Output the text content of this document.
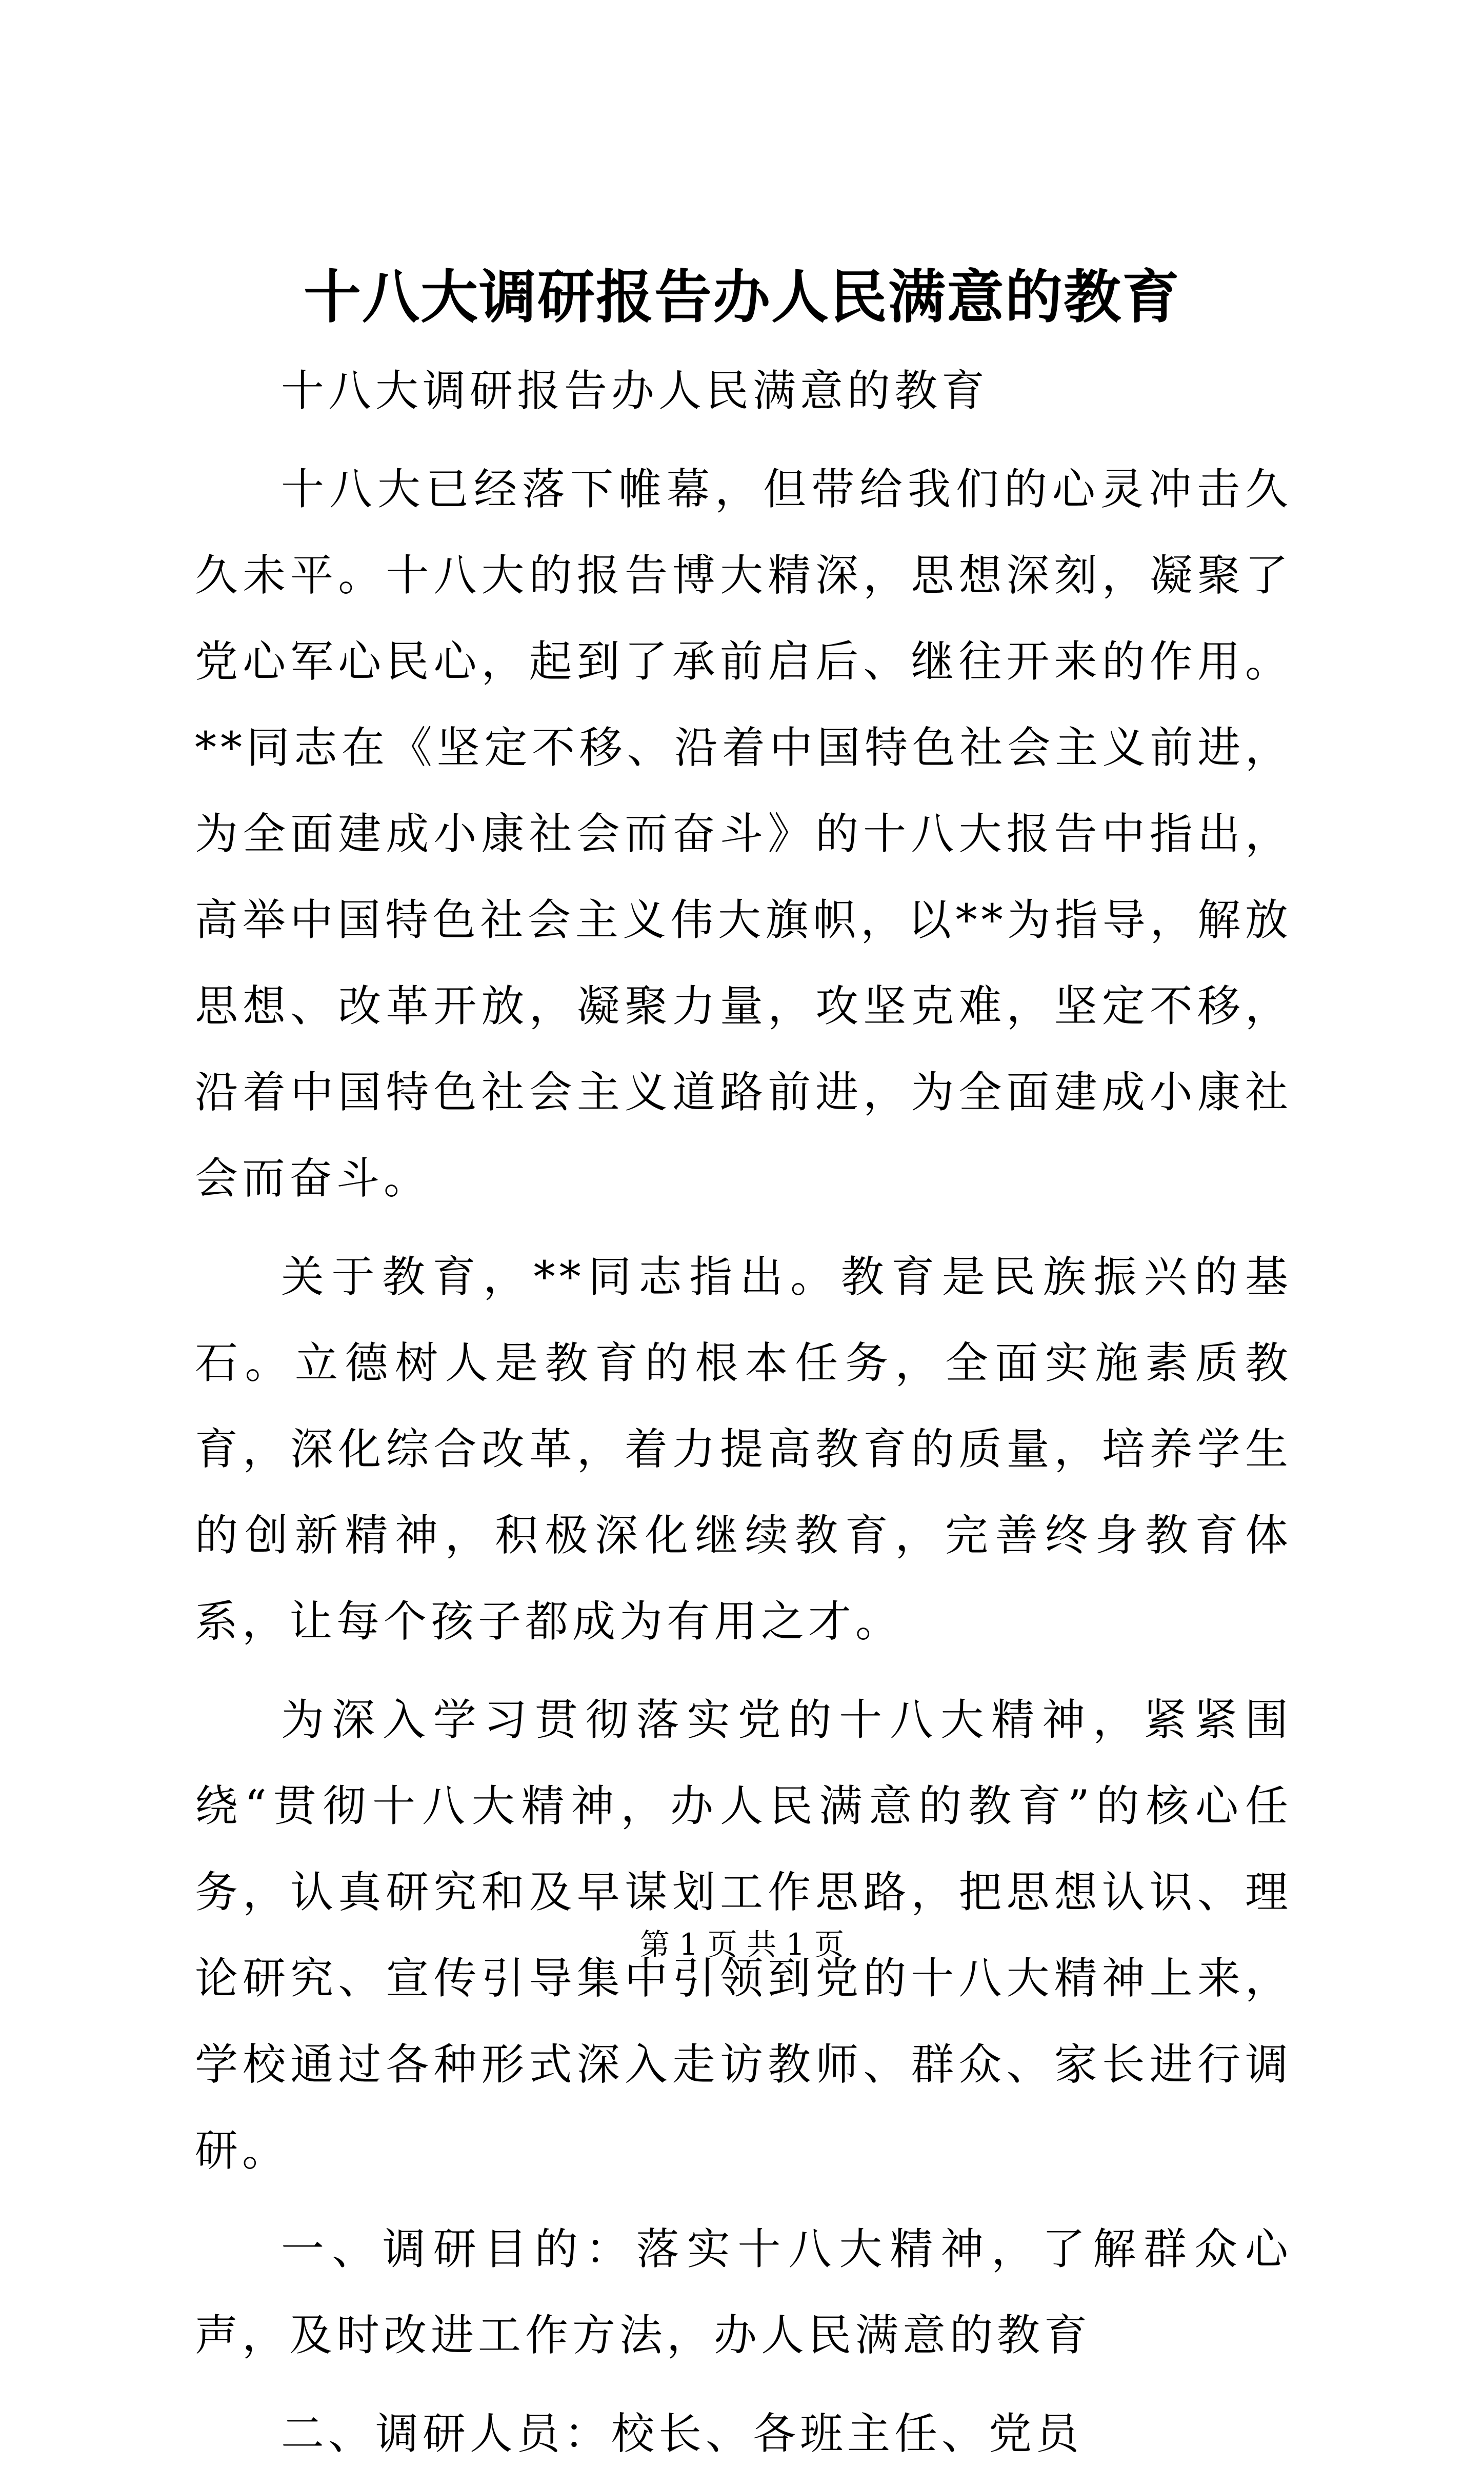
十八大调研报告办人民满意的教育

十八大调研报告办人民满意的教育

十八大已经落下帷幕，但带给我们的心灵冲击久久未平。十八大的报告博大精深，思想深刻，凝聚了党心军心民心，起到了承前启后、继往开来的作用。**同志在《坚定不移、沿着中国特色社会主义前进，为全面建成小康社会而奋斗》的十八大报告中指出，高举中国特色社会主义伟大旗帜，以**为指导，解放思想、改革开放，凝聚力量，攻坚克难，坚定不移，沿着中国特色社会主义道路前进，为全面建成小康社会而奋斗。

关于教育，**同志指出。教育是民族振兴的基石。立德树人是教育的根本任务，全面实施素质教育，深化综合改革，着力提高教育的质量，培养学生的创新精神，积极深化继续教育，完善终身教育体系，让每个孩子都成为有用之才。

为深入学习贯彻落实党的十八大精神，紧紧围绕“贯彻十八大精神，办人民满意的教育”的核心任务，认真研究和及早谋划工作思路，把思想认识、理论研究、宣传引导集中引领到党的十八大精神上来，学校通过各种形式深入走访教师、群众、家长进行调研。

一、调研目的：落实十八大精神，了解群众心声，及时改进工作方法，办人民满意的教育

二、调研人员：校长、各班主任、党员

第 1 页 共 1 页
